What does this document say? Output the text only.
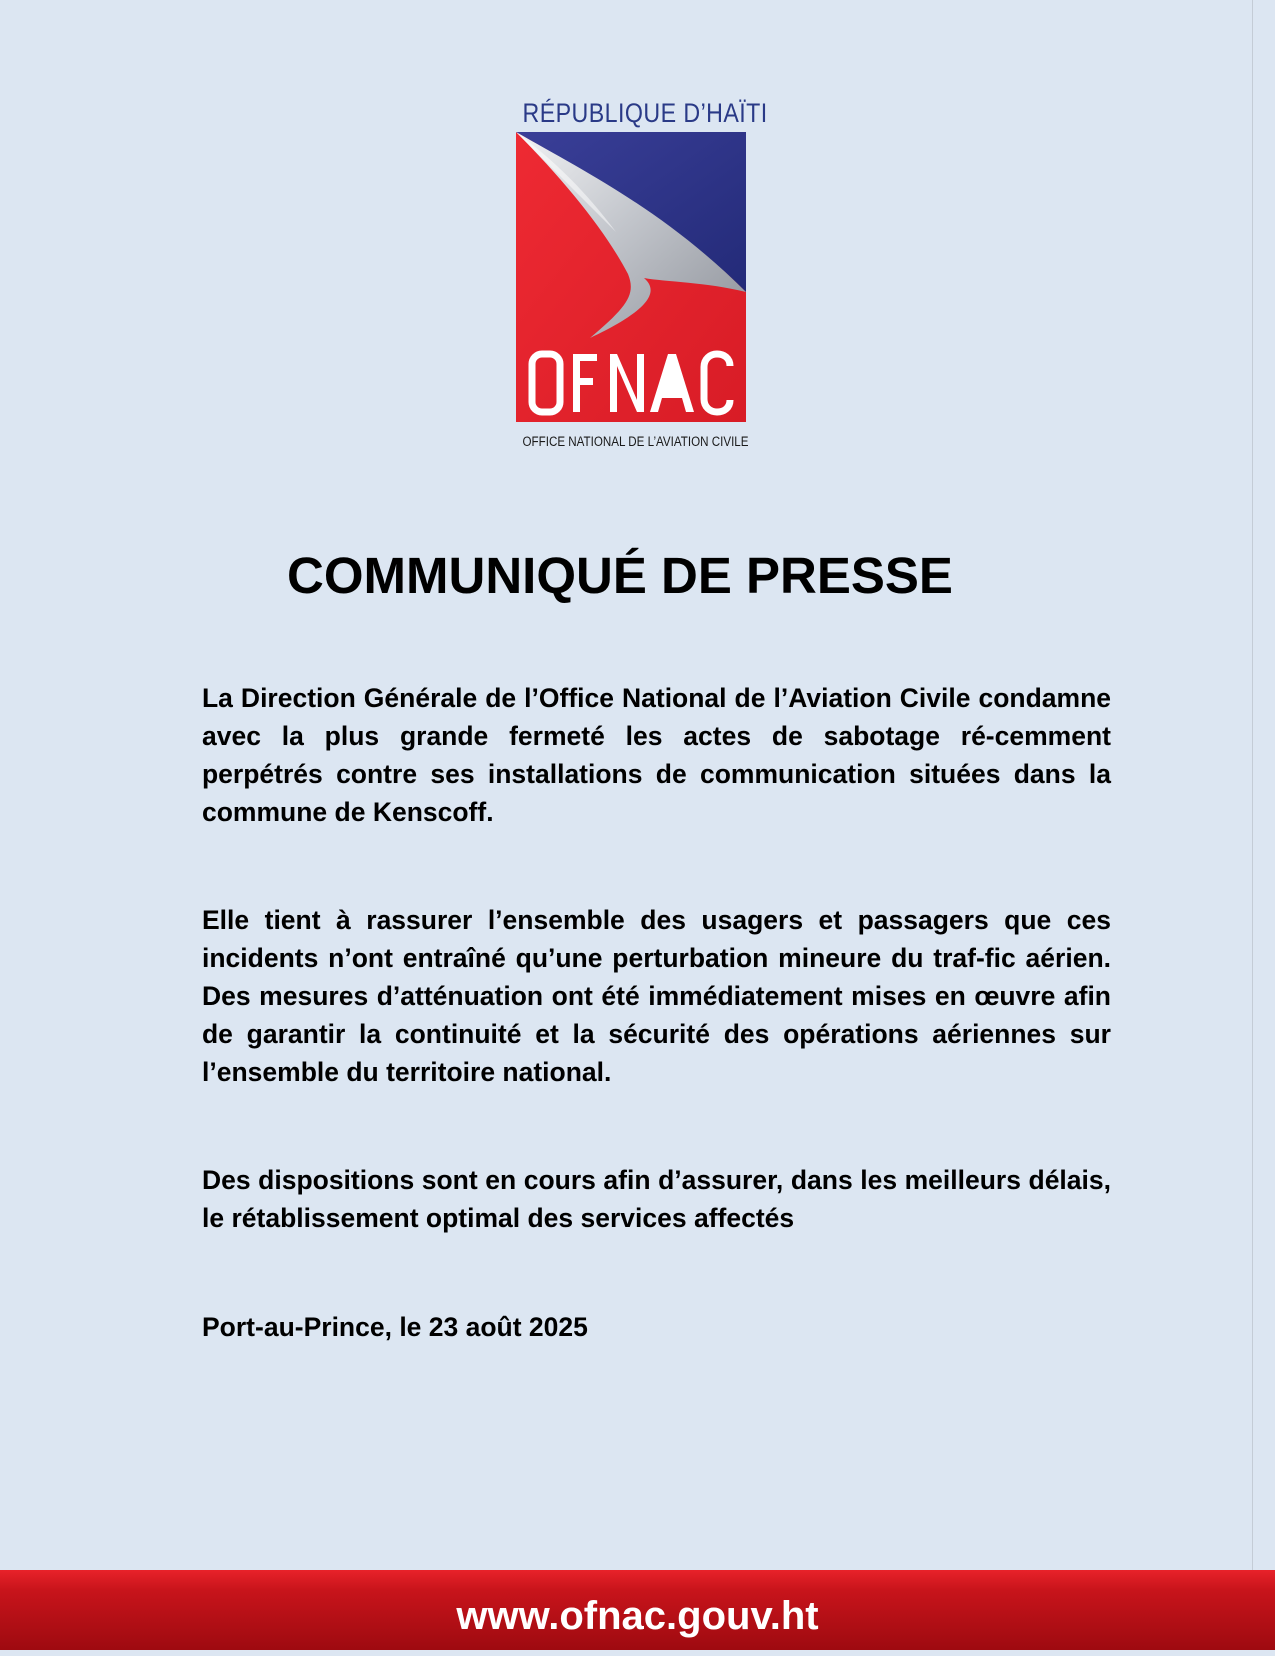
RÉPUBLIQUE D’HAÏTI
OFFICE NATIONAL DE L’AVIATION CIVILE
COMMUNIQUÉ DE PRESSE

La Direction Générale de l’Office National de l’Aviation Civile condamne avec la plus grande fermeté les actes de sabotage ré-cemment perpétrés contre ses installations de communication situées dans la commune de Kenscoff.

Elle tient à rassurer l’ensemble des usagers et passagers que ces incidents n’ont entraîné qu’une perturbation mineure du traf-fic aérien. Des mesures d’atténuation ont été immédiatement mises en œuvre afin de garantir la continuité et la sécurité des opérations aériennes sur l’ensemble du territoire national.

Des dispositions sont en cours afin d’assurer, dans les meilleurs délais, le rétablissement optimal des services affectés

Port-au-Prince, le 23 août 2025

www.ofnac.gouv.ht
